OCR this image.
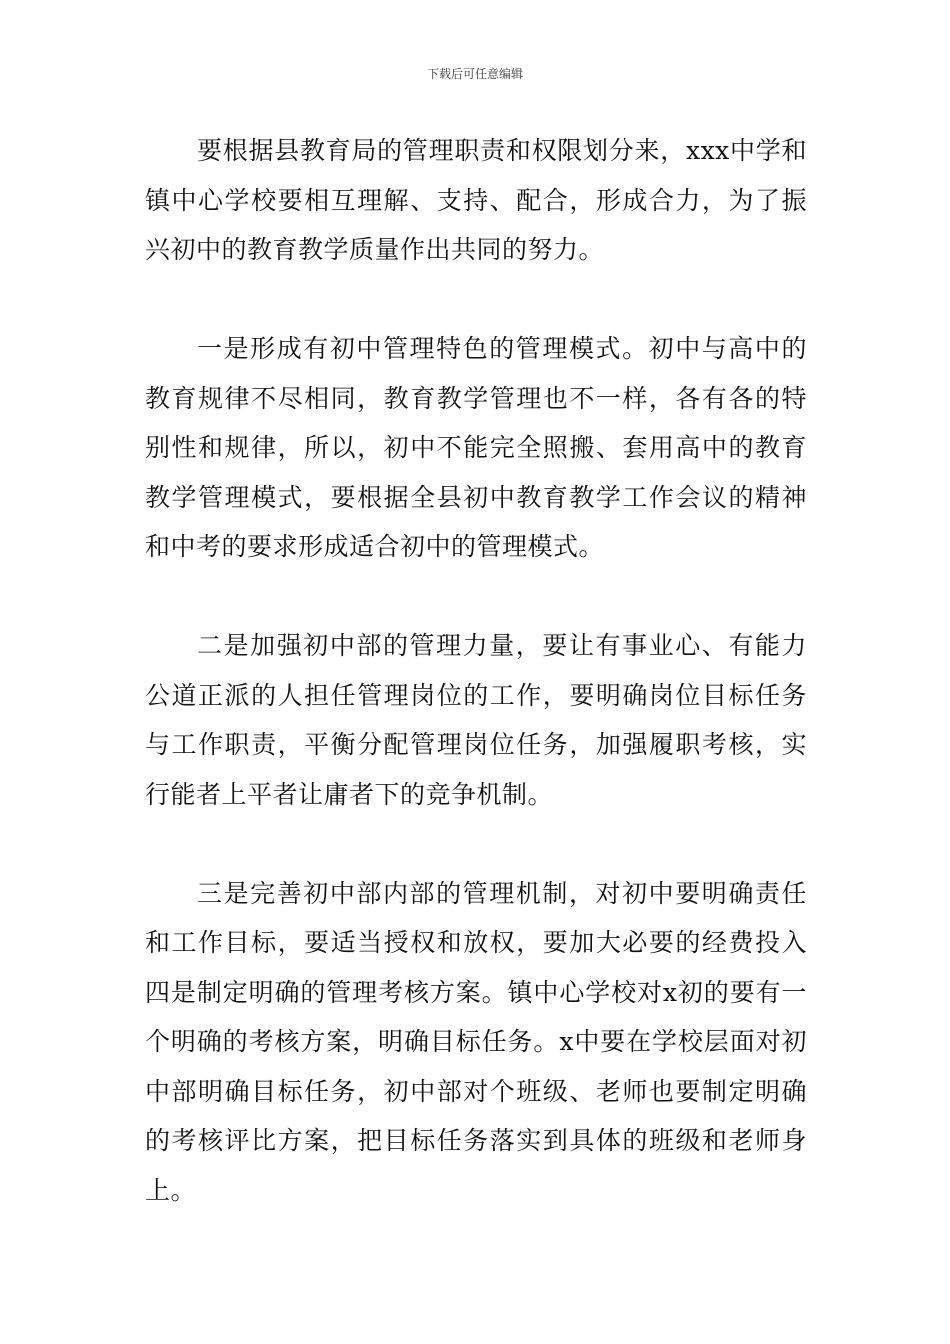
下载后可任意编辑

要根据县教育局的管理职责和权限划分来，xxx中学和镇中心学校要相互理解、支持、配合，形成合力，为了振兴初中的教育教学质量作出共同的努力。

一是形成有初中管理特色的管理模式。初中与高中的教育规律不尽相同，教育教学管理也不一样，各有各的特别性和规律，所以，初中不能完全照搬、套用高中的教育教学管理模式，要根据全县初中教育教学工作会议的精神和中考的要求形成适合初中的管理模式。

二是加强初中部的管理力量，要让有事业心、有能力公道正派的人担任管理岗位的工作，要明确岗位目标任务与工作职责，平衡分配管理岗位任务，加强履职考核，实行能者上平者让庸者下的竞争机制。

三是完善初中部内部的管理机制，对初中要明确责任和工作目标，要适当授权和放权，要加大必要的经费投入四是制定明确的管理考核方案。镇中心学校对x初的要有一个明确的考核方案，明确目标任务。x中要在学校层面对初中部明确目标任务，初中部对个班级、老师也要制定明确的考核评比方案，把目标任务落实到具体的班级和老师身上。
